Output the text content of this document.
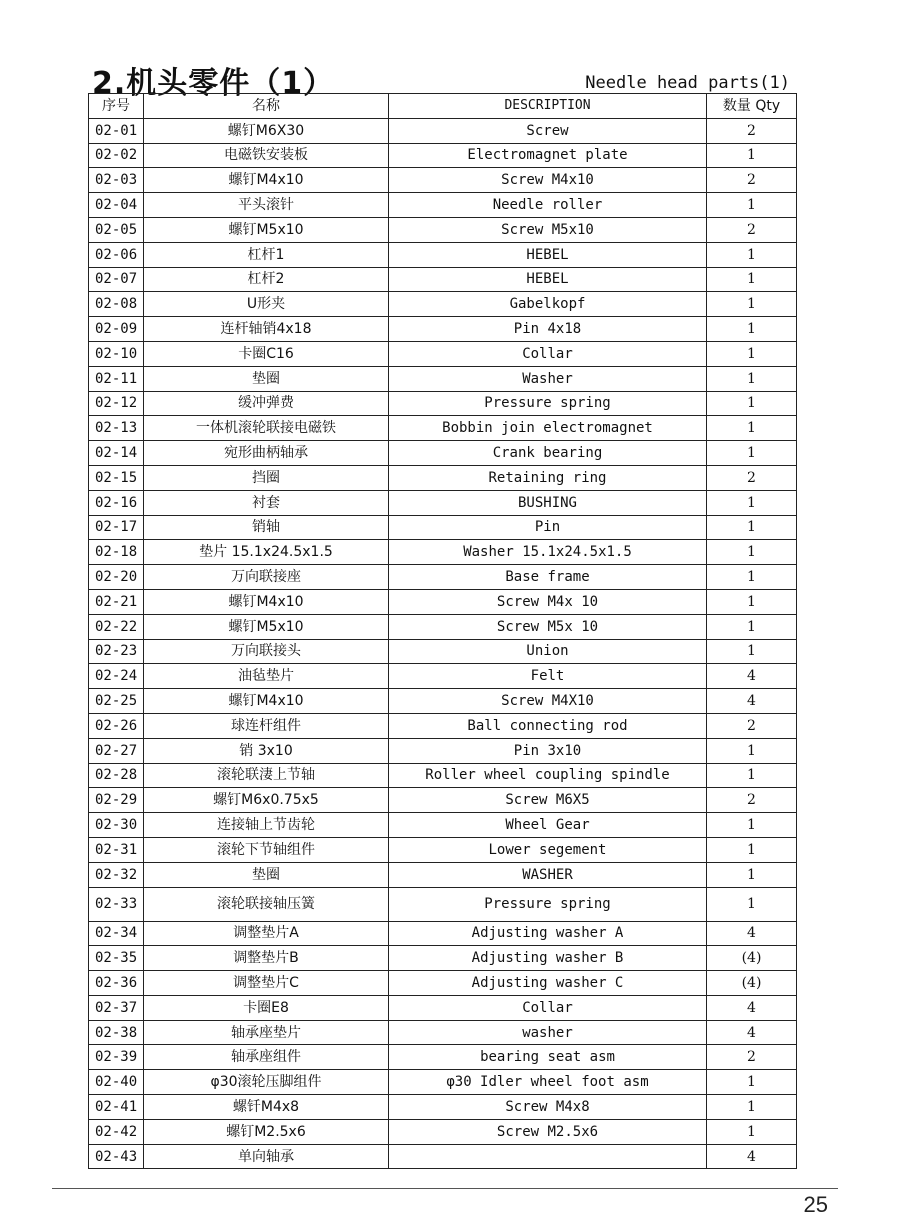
2.机头零件（1）	Needle head parts(1)
序号	名称	DESCRIPTION	数量 Qty
02-01	螺钉M6X30	Screw	2
02-02	电磁铁安装板	Electromagnet plate	1
02-03	螺钉M4x10	Screw M4x10	2
02-04	平头滚针	Needle roller	1
02-05	螺钉M5x10	Screw M5x10	2
02-06	杠杆1	HEBEL	1
02-07	杠杆2	HEBEL	1
02-08	U形夹	Gabelkopf	1
02-09	连杆轴销4x18	Pin 4x18	1
02-10	卡圈C16	Collar	1
02-11	垫圈	Washer	1
02-12	缓冲弹费	Pressure spring	1
02-13	一体机滚轮联接电磁铁	Bobbin join electromagnet	1
02-14	宛形曲柄轴承	Crank bearing	1
02-15	挡圈	Retaining ring	2
02-16	衬套	BUSHING	1
02-17	销轴	Pin	1
02-18	垫片 15.1x24.5x1.5	Washer 15.1x24.5x1.5	1
02-20	万向联接座	Base frame	1
02-21	螺钉M4x10	Screw M4x 10	1
02-22	螺钉M5x10	Screw M5x 10	1
02-23	万向联接头	Union	1
02-24	油毡垫片	Felt	4
02-25	螺钉M4x10	Screw M4X10	4
02-26	球连杆组件	Ball connecting rod	2
02-27	销 3x10	Pin 3x10	1
02-28	滚轮联淒上节轴	Roller wheel coupling spindle	1
02-29	螺钉M6x0.75x5	Screw M6X5	2
02-30	连接轴上节齿轮	Wheel Gear	1
02-31	滚轮下节轴组件	Lower segement	1
02-32	垫圈	WASHER	1
02-33	滚轮联接轴压簧	Pressure spring	1
02-34	调整垫片A	Adjusting washer A	4
02-35	调整垫片B	Adjusting washer B	(4)
02-36	调整垫片C	Adjusting washer C	(4)
02-37	卡圈E8	Collar	4
02-38	轴承座垫片	washer	4
02-39	轴承座组件	bearing seat asm	2
02-40	φ30滚轮压脚组件	φ30 Idler wheel foot asm	1
02-41	螺钎M4x8	Screw M4x8	1
02-42	螺钉M2.5x6	Screw M2.5x6	1
02-43	单向轴承		4
25
